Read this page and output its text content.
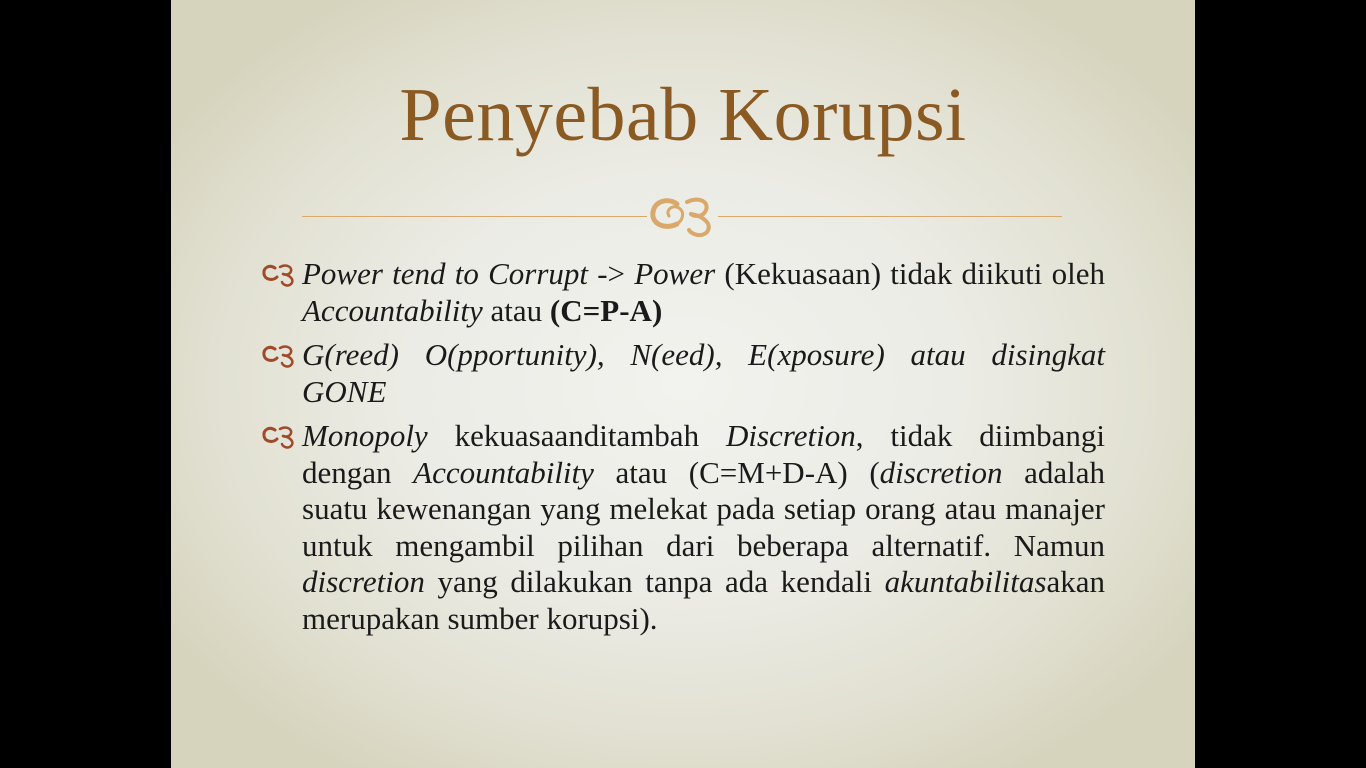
Penyebab Korupsi
Power tend to Corrupt -> Power (Kekuasaan) tidak diikuti oleh Accountability atau (C=P-A)
G(reed) O(pportunity), N(eed), E(xposure) atau disingkat GONE
Monopoly kekuasaanditambah Discretion, tidak diimbangi dengan Accountability atau (C=M+D-A) (discretion adalah suatu kewenangan yang melekat pada setiap orang atau manajer untuk mengambil pilihan dari beberapa alternatif. Namun discretion yang dilakukan tanpa ada kendali akuntabilitasakan merupakan sumber korupsi).
